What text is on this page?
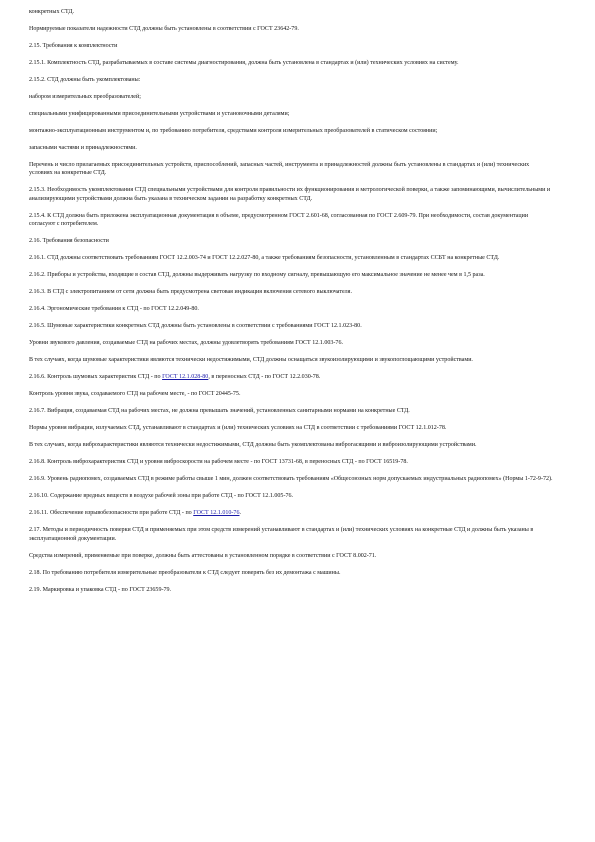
конкретных СТД.
Нормируемые показатели надежности СТД должны быть установлены в соответствии с ГОСТ 23642-79.
2.15. Требования к комплектности
2.15.1. Комплектность СТД, разрабатываемых в составе системы диагностирования, должна быть установлена в стандартах и (или) технических условиях на систему.
2.15.2. СТД должны быть укомплектованы:
набором измерительных преобразователей;
специальными унифицированными присоединительными устройствами и установочными деталями;
монтажно-эксплуатационным инструментом и, по требованию потребителя, средствами контроля измерительных преобразователей в статическом состоянии;
запасными частями и принадлежностями.
Перечень и число прилагаемых присоединительных устройств, приспособлений, запасных частей, инструмента и принадлежностей должны быть установлены в стандартах и (или) технических условиях на конкретные СТД.
2.15.3. Необходимость укомплектования СТД специальными устройствами для контроля правильности их функционирования и метрологической поверки, а также запоминающими, вычислительными и анализирующими устройствами должна быть указана в техническом задании на разработку конкретных СТД.
2.15.4. К СТД должна быть приложена эксплуатационная документация в объеме, предусмотренном ГОСТ 2.601-68, согласованная по ГОСТ 2.609-79. При необходимости, состав документации согласуют с потребителем.
2.16. Требования безопасности
2.16.1. СТД должны соответствовать требованиям ГОСТ 12.2.003-74 и ГОСТ 12.2.027-80, а также требованиям безопасности, установленным в стандартах ССБТ на конкретные СТД.
2.16.2. Приборы и устройства, входящие в состав СТД, должны выдерживать нагрузку по входному сигналу, превышающую его максимальное значение не менее чем в 1,5 раза.
2.16.3. В СТД с электропитанием от сети должна быть предусмотрена световая индикация включения сетевого выключателя.
2.16.4. Эргономические требования к СТД - по ГОСТ 12.2.049-80.
2.16.5. Шумовые характеристики конкретных СТД должны быть установлены в соответствии с требованиями ГОСТ 12.1.023-80.
Уровни звукового давления, создаваемые СТД на рабочих местах, должны удовлетворять требованиям ГОСТ 12.1.003-76.
В тех случаях, когда шумовые характеристики являются технически недостижимыми, СТД должны оснащаться звукоизолирующими и звукопоглощающими устройствами.
2.16.6. Контроль шумовых характеристик СТД - по ГОСТ 12.1.028-80, в переносных СТД - по ГОСТ 12.2.030-78.
Контроль уровня звука, создаваемого СТД на рабочем месте, - по ГОСТ 20445-75.
2.16.7. Вибрация, создаваемая СТД на рабочих местах, не должна превышать значений, установленных санитарными нормами на конкретные СТД.
Нормы уровня вибрации, излучаемых СТД, устанавливают в стандартах и (или) технических условиях на СТД в соответствии с требованиями ГОСТ 12.1.012-78.
В тех случаях, когда виброхарактеристики являются технически недостижимыми, СТД должны быть укомплектованы виброгасящими и виброизолирующими устройствами.
2.16.8. Контроль виброхарактеристик СТД и уровня виброскорости на рабочем месте - по ГОСТ 13731-68, в переносных СТД - по ГОСТ 16519-78.
2.16.9. Уровень радиопомех, создаваемых СТД в режиме работы свыше 1 мин, должен соответствовать требованиям «Общесоюзных норм допускаемых индустриальных радиопомех» (Нормы 1-72-9-72).
2.16.10. Содержание вредных веществ в воздухе рабочей зоны при работе СТД - по ГОСТ 12.1.005-76.
2.16.11. Обеспечение взрывобезопасности при работе СТД - по ГОСТ 12.1.010-76.
2.17. Методы и периодичность поверки СТД и применяемых при этом средств измерений устанавливают в стандартах и (или) технических условиях на конкретные СТД и должны быть указаны в эксплуатационной документации.
Средства измерений, применяемые при поверке, должны быть аттестованы в установленном порядке в соответствии с ГОСТ 8.002-71.
2.18. По требованию потребителя измерительные преобразователи к СТД следует поверять без их демонтажа с машины.
2.19. Маркировка и упаковка СТД - по ГОСТ 23659-79.
